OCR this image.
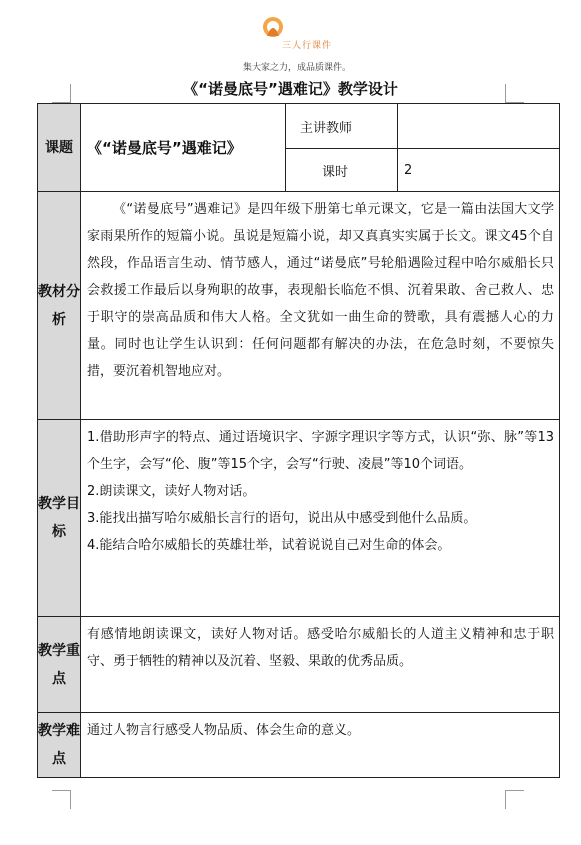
三人行课件
集大家之力，成品质课件。
《“诺曼底号”遇难记》教学设计
课题	《“诺曼底号”遇难记》	主讲教师	
		课时	2
教材分析	《“诺曼底号”遇难记》是四年级下册第七单元课文，它是一篇由法国大文学家雨果所作的短篇小说。虽说是短篇小说，却又真真实实属于长文。课文45个自然段，作品语言生动、情节感人，通过“诺曼底”号轮船遇险过程中哈尔威船长只会救援工作最后以身殉职的故事，表现船长临危不惧、沉着果敢、舍己救人、忠于职守的崇高品质和伟大人格。全文犹如一曲生命的赞歌，具有震撼人心的力量。同时也让学生认识到：任何问题都有解决的办法，在危急时刻，不要惊失措，要沉着机智地应对。		

教学目标	1.借助形声字的特点、通过语境识字、字源字理识字等方式，认识“弥、脉”等13个生字，会写“伦、腹”等15个字，会写“行驶、凌晨”等10个词语。

2.朗读课文，读好人物对话。

3.能找出描写哈尔威船长言行的语句，说出从中感受到他什么品质。

4.能结合哈尔威船长的英雄壮举，试着说说自己对生命的体会。		

教学重点	有感情地朗读课文，读好人物对话。感受哈尔威船长的人道主义精神和忠于职守、勇于牺牲的精神以及沉着、坚毅、果敢的优秀品质。		
教学难点	通过人物言行感受人物品质、体会生命的意义。		
